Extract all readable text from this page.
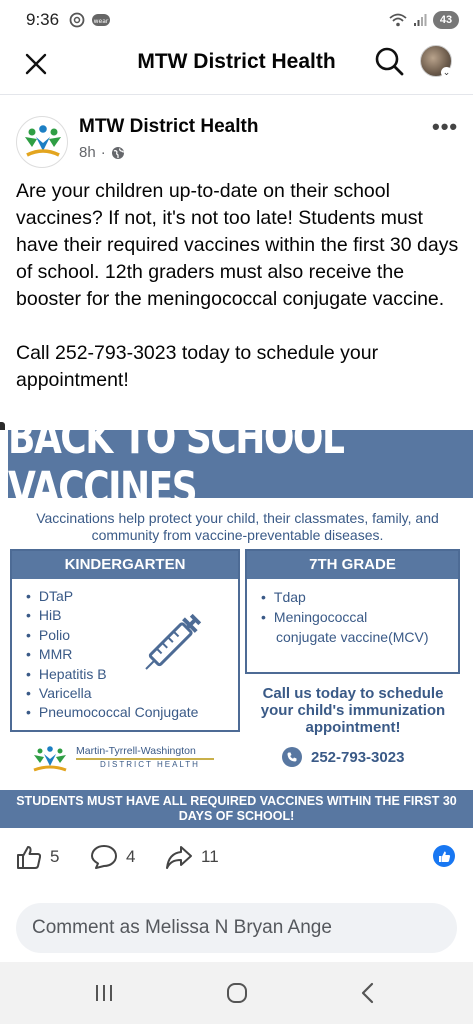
9:36	wear	43
MTW District Health	⌄
MTW District Health
8h ·
•••

Are your children up-to-date on their school vaccines? If not, it's not too late! Students must have their required vaccines within the first 30 days of school. 12th graders must also receive the booster for the meningococcal conjugate vaccine.

Call 252-793-3023 today to schedule your appointment!

BACK TO SCHOOL VACCINES
Vaccinations help protect your child, their classmates, family, and community from vaccine-preventable diseases.
KINDERGARTEN
• DTaP
• HiB
• Polio
• MMR
• Hepatitis B
• Varicella
• Pneumococcal Conjugate
7TH GRADE
• Tdap
• Meningococcal
conjugate vaccine(MCV)
Call us today to schedule your child's immunization appointment!
Martin-Tyrrell-Washington
DISTRICT HEALTH	252-793-3023
STUDENTS MUST HAVE ALL REQUIRED VACCINES WITHIN THE FIRST 30 DAYS OF SCHOOL!
5	4	11
Comment as Melissa N Bryan Ange
